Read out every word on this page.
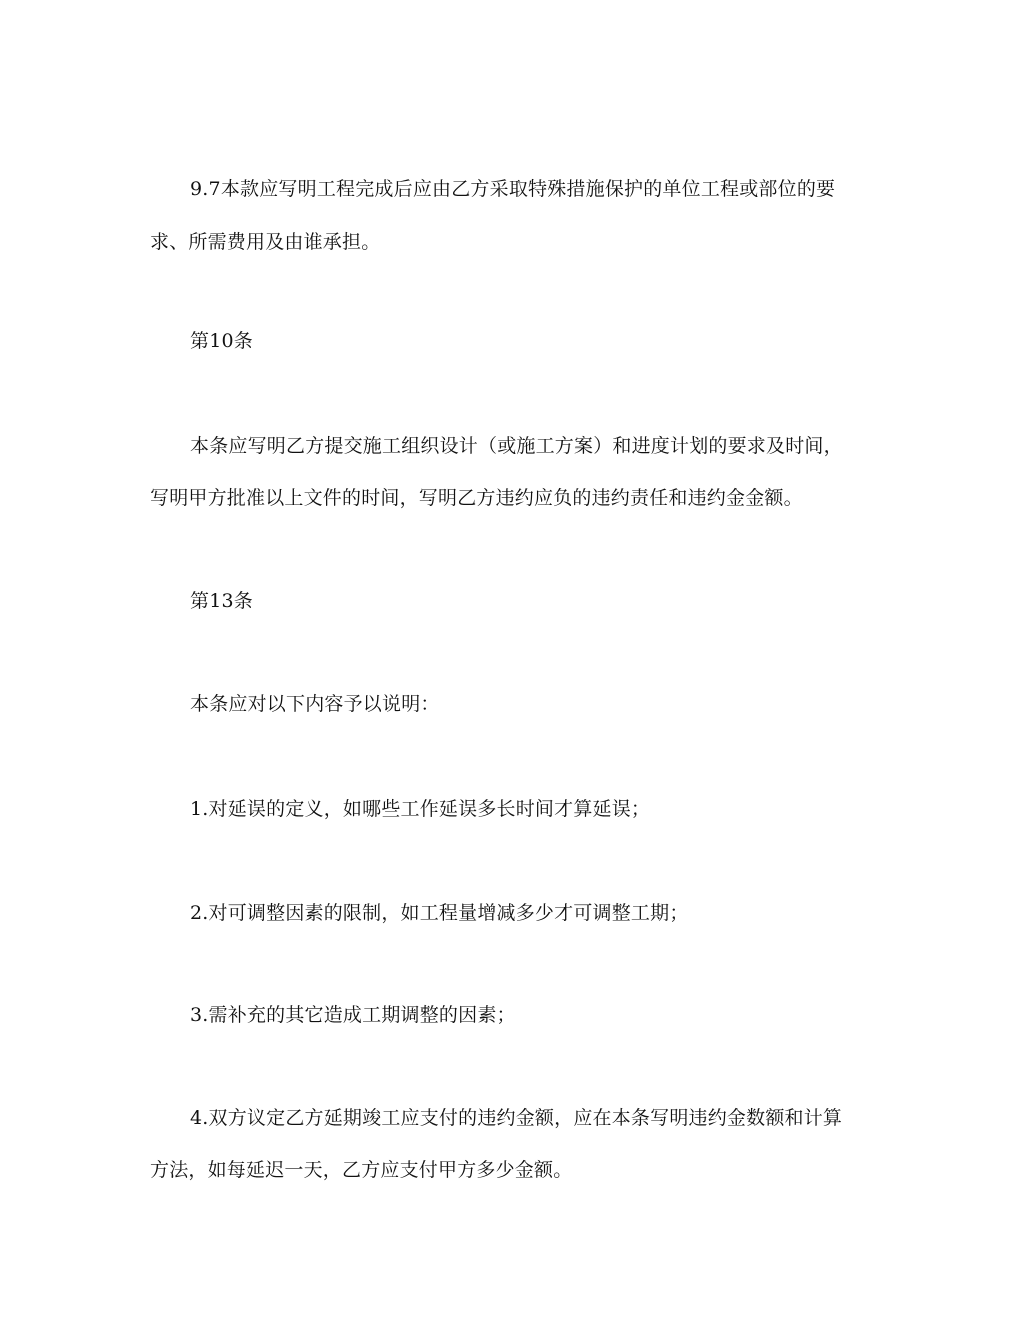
9.7本款应写明工程完成后应由乙方采取特殊措施保护的单位工程或部位的要
求、所需费用及由谁承担。
第10条
本条应写明乙方提交施工组织设计（或施工方案）和进度计划的要求及时间，
写明甲方批准以上文件的时间，写明乙方违约应负的违约责任和违约金金额。
第13条
本条应对以下内容予以说明：
1.对延误的定义，如哪些工作延误多长时间才算延误；
2.对可调整因素的限制，如工程量增减多少才可调整工期；
3.需补充的其它造成工期调整的因素；
4.双方议定乙方延期竣工应支付的违约金额，应在本条写明违约金数额和计算
方法，如每延迟一天，乙方应支付甲方多少金额。
